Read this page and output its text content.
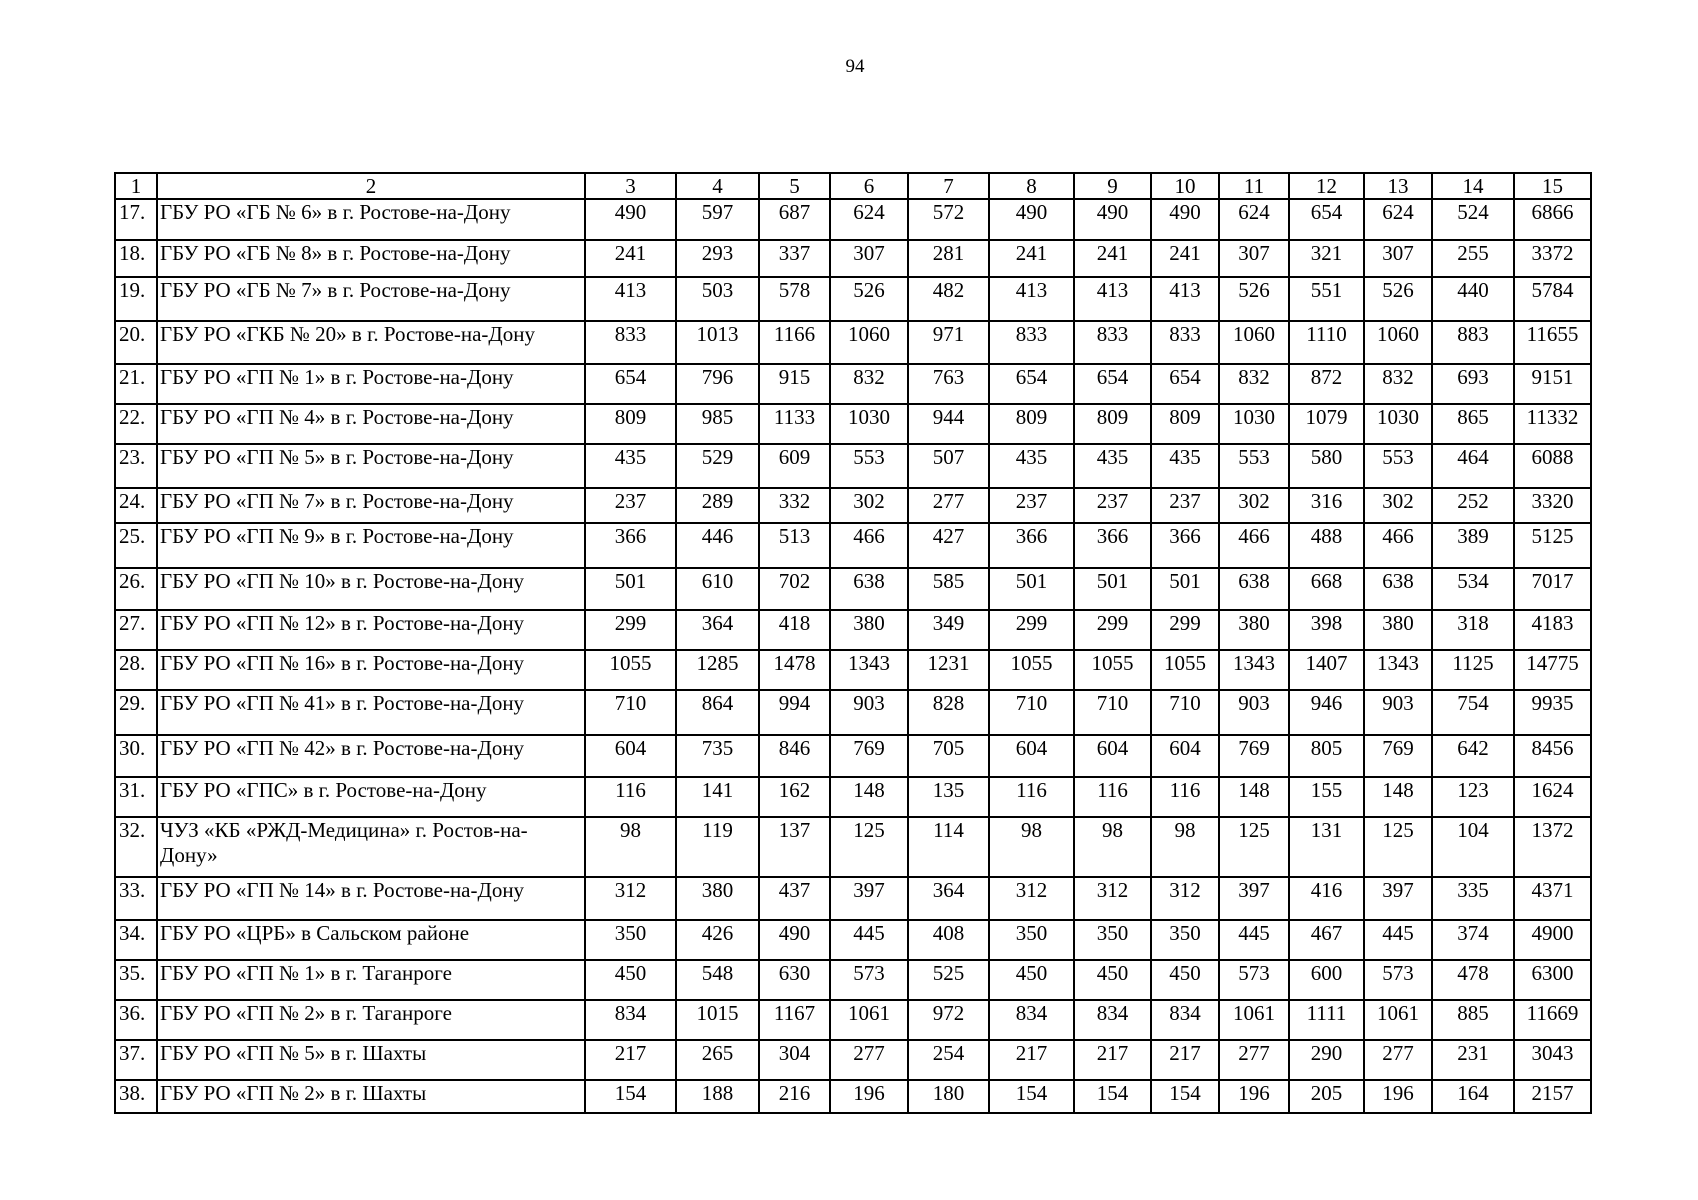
94
1	2	3	4	5	6	7	8	9	10	11	12	13	14	15
17.	ГБУ РО «ГБ № 6» в г. Ростове-на-Дону	490	597	687	624	572	490	490	490	624	654	624	524	6866
18.	ГБУ РО «ГБ № 8» в г. Ростове-на-Дону	241	293	337	307	281	241	241	241	307	321	307	255	3372
19.	ГБУ РО «ГБ № 7» в г. Ростове-на-Дону	413	503	578	526	482	413	413	413	526	551	526	440	5784
20.	ГБУ РО «ГКБ № 20» в г. Ростове-на-Дону	833	1013	1166	1060	971	833	833	833	1060	1110	1060	883	11655
21.	ГБУ РО «ГП № 1» в г. Ростове-на-Дону	654	796	915	832	763	654	654	654	832	872	832	693	9151
22.	ГБУ РО «ГП № 4» в г. Ростове-на-Дону	809	985	1133	1030	944	809	809	809	1030	1079	1030	865	11332
23.	ГБУ РО «ГП № 5» в г. Ростове-на-Дону	435	529	609	553	507	435	435	435	553	580	553	464	6088
24.	ГБУ РО «ГП № 7» в г. Ростове-на-Дону	237	289	332	302	277	237	237	237	302	316	302	252	3320
25.	ГБУ РО «ГП № 9» в г. Ростове-на-Дону	366	446	513	466	427	366	366	366	466	488	466	389	5125
26.	ГБУ РО «ГП № 10» в г. Ростове-на-Дону	501	610	702	638	585	501	501	501	638	668	638	534	7017
27.	ГБУ РО «ГП № 12» в г. Ростове-на-Дону	299	364	418	380	349	299	299	299	380	398	380	318	4183
28.	ГБУ РО «ГП № 16» в г. Ростове-на-Дону	1055	1285	1478	1343	1231	1055	1055	1055	1343	1407	1343	1125	14775
29.	ГБУ РО «ГП № 41» в г. Ростове-на-Дону	710	864	994	903	828	710	710	710	903	946	903	754	9935
30.	ГБУ РО «ГП № 42» в г. Ростове-на-Дону	604	735	846	769	705	604	604	604	769	805	769	642	8456
31.	ГБУ РО «ГПС» в г. Ростове-на-Дону	116	141	162	148	135	116	116	116	148	155	148	123	1624
32.	ЧУЗ «КБ «РЖД-Медицина» г. Ростов-на-Дону»	98	119	137	125	114	98	98	98	125	131	125	104	1372
33.	ГБУ РО «ГП № 14» в г. Ростове-на-Дону	312	380	437	397	364	312	312	312	397	416	397	335	4371
34.	ГБУ РО «ЦРБ» в Сальском районе	350	426	490	445	408	350	350	350	445	467	445	374	4900
35.	ГБУ РО «ГП № 1» в г. Таганроге	450	548	630	573	525	450	450	450	573	600	573	478	6300
36.	ГБУ РО «ГП № 2» в г. Таганроге	834	1015	1167	1061	972	834	834	834	1061	1111	1061	885	11669
37.	ГБУ РО «ГП № 5» в г. Шахты	217	265	304	277	254	217	217	217	277	290	277	231	3043
38.	ГБУ РО «ГП № 2» в г. Шахты	154	188	216	196	180	154	154	154	196	205	196	164	2157
